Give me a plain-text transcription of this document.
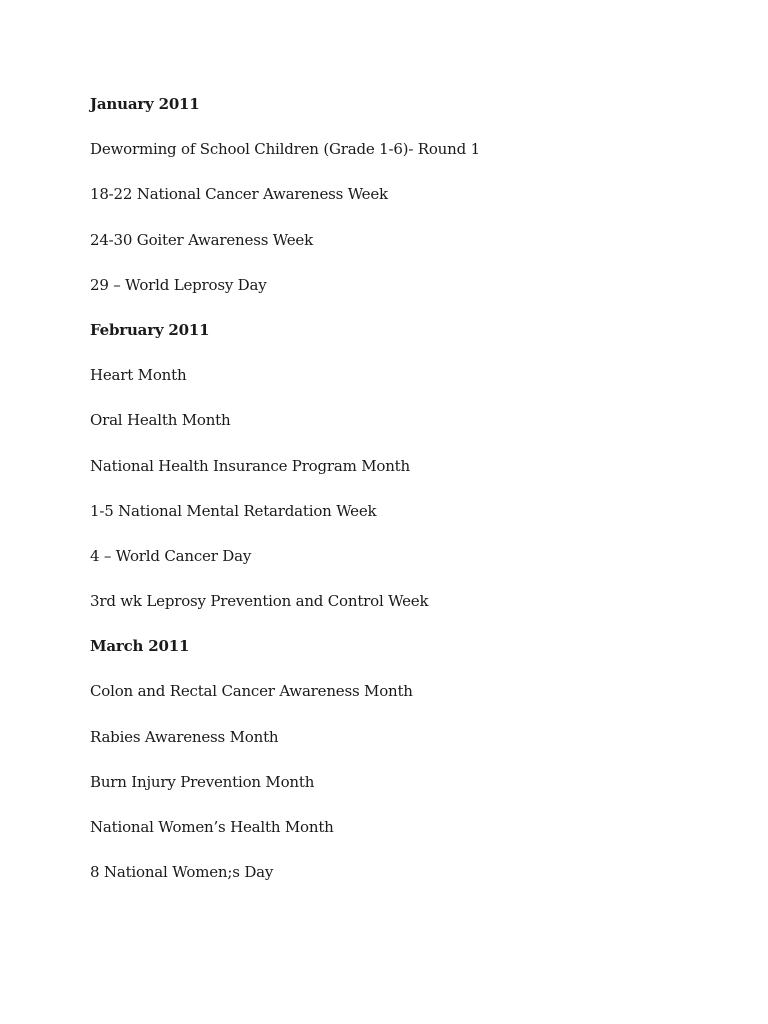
January 2011
Deworming of School Children (Grade 1-6)- Round 1
18-22 National Cancer Awareness Week
24-30 Goiter Awareness Week
29 – World Leprosy Day
February 2011
Heart Month
Oral Health Month
National Health Insurance Program Month
1-5 National Mental Retardation Week
4 – World Cancer Day
3rd wk Leprosy Prevention and Control Week
March 2011
Colon and Rectal Cancer Awareness Month
Rabies Awareness Month
Burn Injury Prevention Month
National Women’s Health Month
8 National Women;s Day
